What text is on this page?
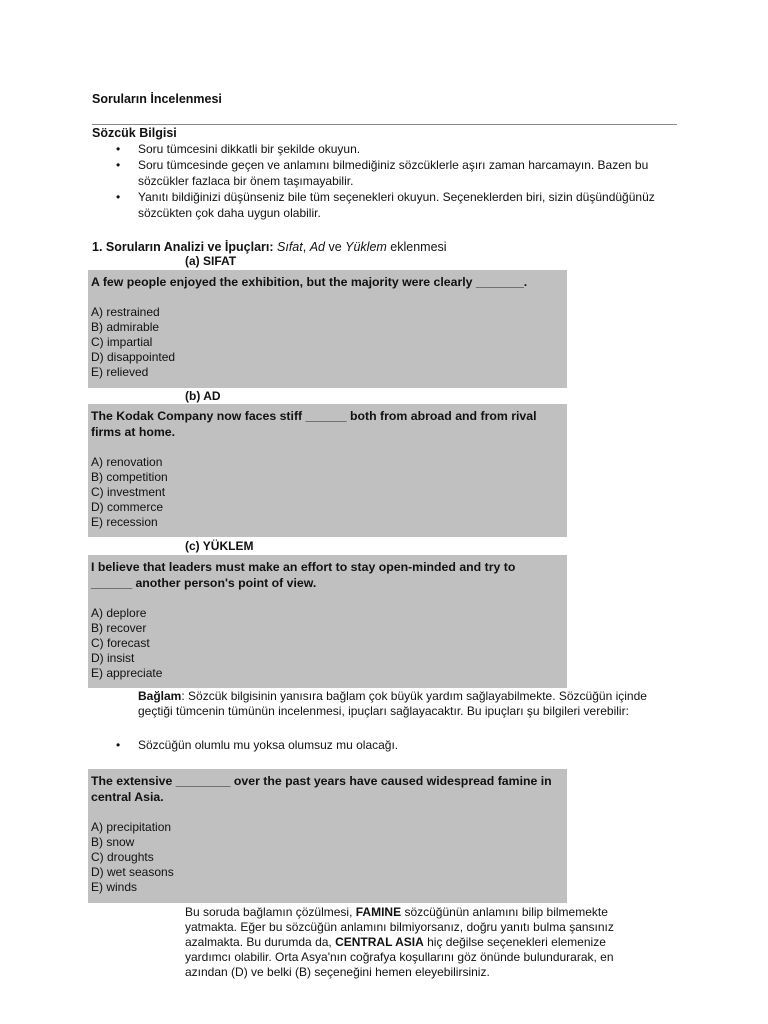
Soruların İncelenmesi
Sözcük Bilgisi
• Soru tümcesini dikkatli bir şekilde okuyun.
• Soru tümcesinde geçen ve anlamını bilmediğiniz sözcüklerle aşırı zaman harcamayın. Bazen bu sözcükler fazlaca bir önem taşımayabilir.
• Yanıtı bildiğinizi düşünseniz bile tüm seçenekleri okuyun. Seçeneklerden biri, sizin düşündüğünüz sözcükten çok daha uygun olabilir.
1. Soruların Analizi ve İpuçları: Sıfat, Ad ve Yüklem eklenmesi
(a) SIFAT
A few people enjoyed the exhibition, but the majority were clearly _______.
A) restrained
B) admirable
C) impartial
D) disappointed
E) relieved
(b) AD
The Kodak Company now faces stiff ______ both from abroad and from rival firms at home.
A) renovation
B) competition
C) investment
D) commerce
E) recession
(c) YÜKLEM
I believe that leaders must make an effort to stay open-minded and try to ______ another person's point of view.
A) deplore
B) recover
C) forecast
D) insist
E) appreciate
Bağlam: Sözcük bilgisinin yanısıra bağlam çok büyük yardım sağlayabilmekte. Sözcüğün içinde geçtiği tümcenin tümünün incelenmesi, ipuçları sağlayacaktır. Bu ipuçları şu bilgileri verebilir:
• Sözcüğün olumlu mu yoksa olumsuz mu olacağı.
The extensive ________ over the past years have caused widespread famine in central Asia.
A) precipitation
B) snow
C) droughts
D) wet seasons
E) winds
Bu soruda bağlamın çözülmesi, FAMINE sözcüğünün anlamını bilip bilmemekte yatmakta. Eğer bu sözcüğün anlamını bilmiyorsanız, doğru yanıtı bulma şansınız azalmakta. Bu durumda da, CENTRAL ASIA hiç değilse seçenekleri elemenize yardımcı olabilir. Orta Asya'nın coğrafya koşullarını göz önünde bulundurarak, en azından (D) ve belki (B) seçeneğini hemen eleyebilirsiniz.
